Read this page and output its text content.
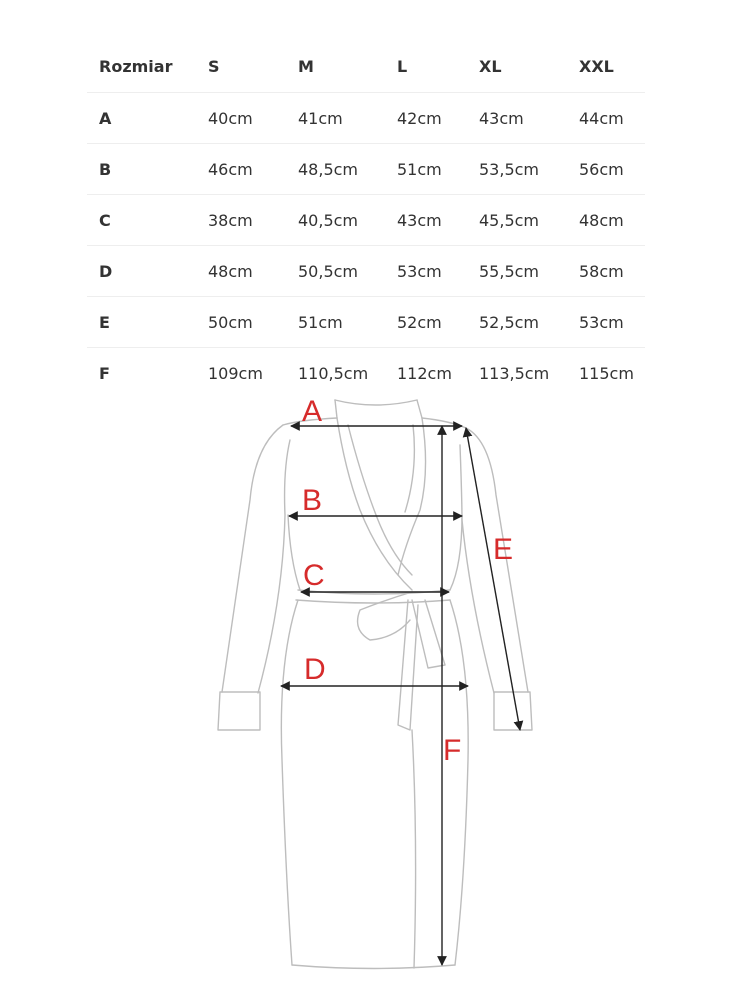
Rozmiar	S	M	L	XL	XXL
A	40cm	41cm	42cm	43cm	44cm
B	46cm	48,5cm	51cm	53,5cm	56cm
C	38cm	40,5cm	43cm	45,5cm	48cm
D	48cm	50,5cm	53cm	55,5cm	58cm
E	50cm	51cm	52cm	52,5cm	53cm
F	109cm	110,5cm	112cm	113,5cm	115cm
A
B
C
D
E
F
